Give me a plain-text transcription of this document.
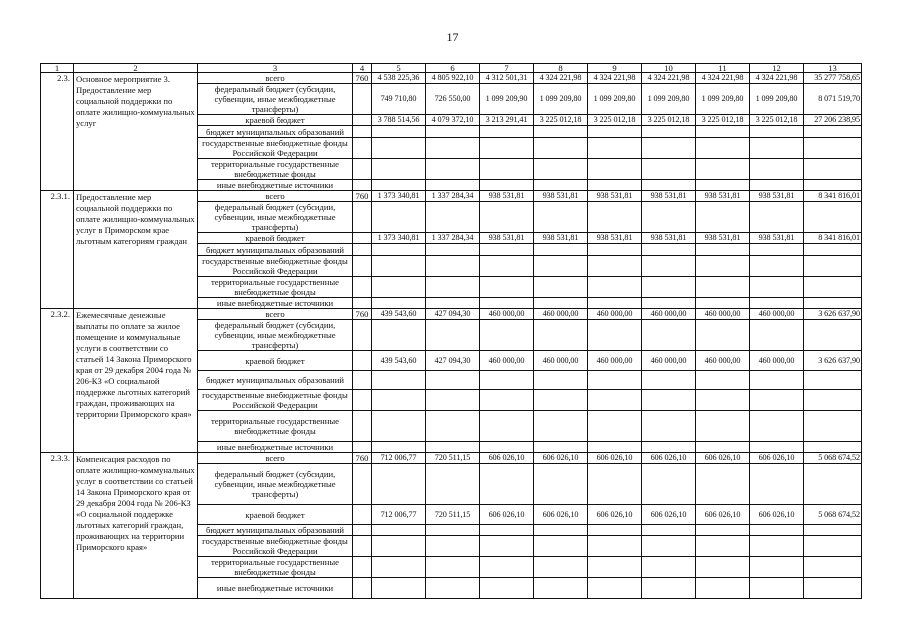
17
1	2	3	4	5	6	7	8	9	10	11	12	13
2.3.	Основное мероприятие 3. Предоставление мер социальной поддержки по оплате жилищно-коммунальных услуг	всего	760	4 538 225,36	4 805 922,10	4 312 501,31	4 324 221,98	4 324 221,98	4 324 221,98	4 324 221,98	4 324 221,98	35 277 758,65
		федеральный бюджет (субсидии, субвенции, иные межбюджетные трансферты)		749 710,80	726 550,00	1 099 209,90	1 099 209,80	1 099 209,80	1 099 209,80	1 099 209,80	1 099 209,80	8 071 519,70
		краевой бюджет		3 788 514,56	4 079 372,10	3 213 291,41	3 225 012,18	3 225 012,18	3 225 012,18	3 225 012,18	3 225 012,18	27 206 238,95
		бюджет муниципальных образований										
		государственные внебюджетные фонды Российской Федерации										
		территориальные государственные внебюджетные фонды										
		иные внебюджетные источники										
2.3.1.	Предоставление мер социальной поддержки по оплате жилищно-коммунальных услуг в Приморском крае льготным категориям граждан	всего	760	1 373 340,81	1 337 284,34	938 531,81	938 531,81	938 531,81	938 531,81	938 531,81	938 531,81	8 341 816,01
		федеральный бюджет (субсидии, субвенции, иные межбюджетные трансферты)										
		краевой бюджет		1 373 340,81	1 337 284,34	938 531,81	938 531,81	938 531,81	938 531,81	938 531,81	938 531,81	8 341 816,01
		бюджет муниципальных образований										
		государственные внебюджетные фонды Российской Федерации										
		территориальные государственные внебюджетные фонды										
		иные внебюджетные источники										
2.3.2.	Ежемесячные денежные выплаты по оплате за жилое помещение и коммунальные услуги в соответствии со статьей 14 Закона Приморского края от 29 декабря 2004 года № 206-КЗ «О социальной поддержке льготных категорий граждан, проживающих на территории Приморского края»	всего	760	439 543,60	427 094,30	460 000,00	460 000,00	460 000,00	460 000,00	460 000,00	460 000,00	3 626 637,90
		федеральный бюджет (субсидии, субвенции, иные межбюджетные трансферты)										
		краевой бюджет		439 543,60	427 094,30	460 000,00	460 000,00	460 000,00	460 000,00	460 000,00	460 000,00	3 626 637,90
		бюджет муниципальных образований										
		государственные внебюджетные фонды Российской Федерации										
		территориальные государственные внебюджетные фонды										
		иные внебюджетные источники										
2.3.3.	Компенсация расходов по оплате жилищно-коммунальных услуг в соответствии со статьей 14 Закона Приморского края от 29 декабря 2004 года № 206-КЗ «О социальной поддержке льготных категорий граждан, проживающих на территории Приморского края»	всего	760	712 006,77	720 511,15	606 026,10	606 026,10	606 026,10	606 026,10	606 026,10	606 026,10	5 068 674,52
		федеральный бюджет (субсидии, субвенции, иные межбюджетные трансферты)										
		краевой бюджет		712 006,77	720 511,15	606 026,10	606 026,10	606 026,10	606 026,10	606 026,10	606 026,10	5 068 674,52
		бюджет муниципальных образований										
		государственные внебюджетные фонды Российской Федерации										
		территориальные государственные внебюджетные фонды										
		иные внебюджетные источники										
